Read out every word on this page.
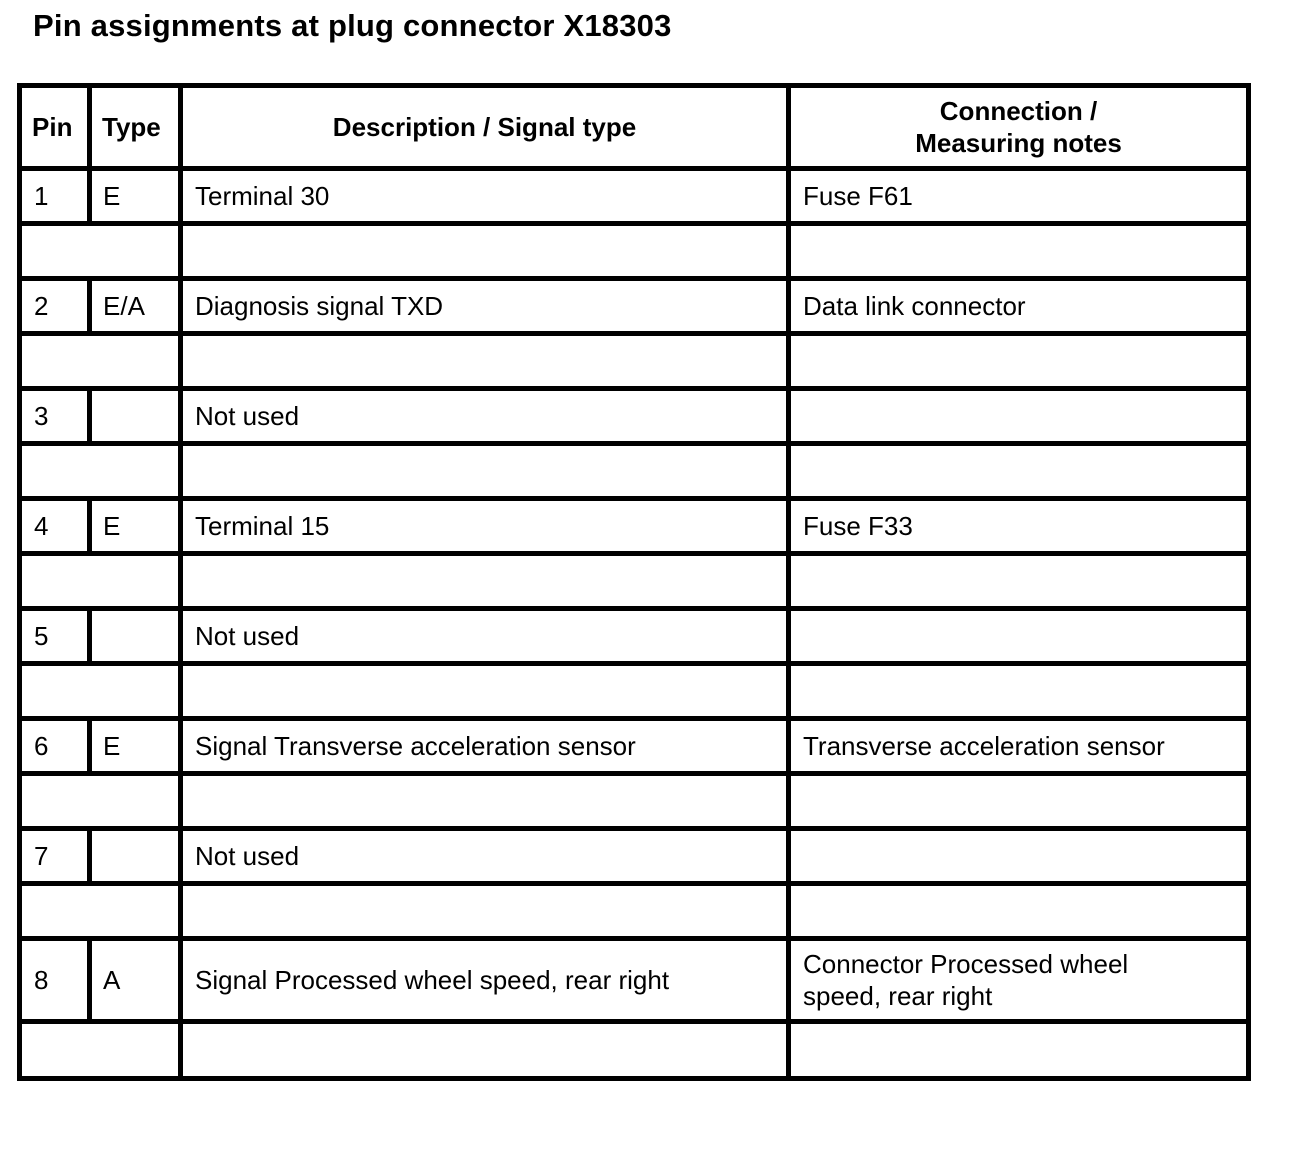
Pin assignments at plug connector X18303
Pin	Type	Description / Signal type	Connection /
Measuring notes

1	E	Terminal 30	Fuse F61

2	E/A	Diagnosis signal TXD	Data link connector

3		Not used	

4	E	Terminal 15	Fuse F33

5		Not used	

6	E	Signal Transverse acceleration sensor	Transverse acceleration sensor

7		Not used	

8	A	Signal Processed wheel speed, rear right	Connector Processed wheel
speed, rear right
